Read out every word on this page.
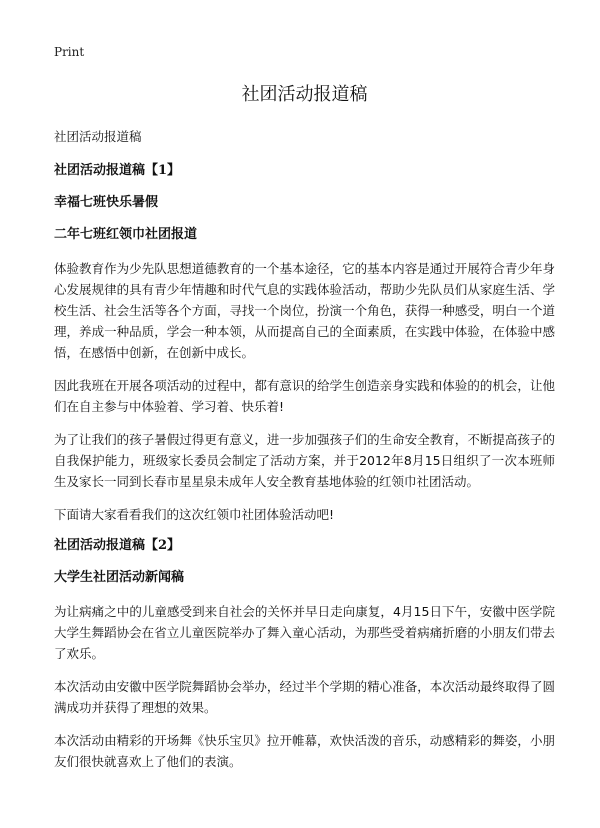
Print
社团活动报道稿
社团活动报道稿
社团活动报道稿【1】
幸福七班快乐暑假
二年七班红领巾社团报道

体验教育作为少先队思想道德教育的一个基本途径，它的基本内容是通过开展符合青少年身心发展规律的具有青少年情趣和时代气息的实践体验活动，帮助少先队员们从家庭生活、学校生活、社会生活等各个方面，寻找一个岗位，扮演一个角色，获得一种感受，明白一个道理，养成一种品质，学会一种本领，从而提高自己的全面素质，在实践中体验，在体验中感悟，在感悟中创新，在创新中成长。

因此我班在开展各项活动的过程中，都有意识的给学生创造亲身实践和体验的的机会，让他们在自主参与中体验着、学习着、快乐着!

为了让我们的孩子暑假过得更有意义，进一步加强孩子们的生命安全教育，不断提高孩子的自我保护能力，班级家长委员会制定了活动方案，并于2012年8月15日组织了一次本班师生及家长一同到长春市星星泉未成年人安全教育基地体验的红领巾社团活动。

下面请大家看看我们的这次红领巾社团体验活动吧!

社团活动报道稿【2】
大学生社团活动新闻稿

为让病痛之中的儿童感受到来自社会的关怀并早日走向康复，4月15日下午，安徽中医学院大学生舞蹈协会在省立儿童医院举办了舞入童心活动，为那些受着病痛折磨的小朋友们带去了欢乐。

本次活动由安徽中医学院舞蹈协会举办，经过半个学期的精心准备，本次活动最终取得了圆满成功并获得了理想的效果。

本次活动由精彩的开场舞《快乐宝贝》拉开帷幕，欢快活泼的音乐，动感精彩的舞姿，小朋友们很快就喜欢上了他们的表演。
